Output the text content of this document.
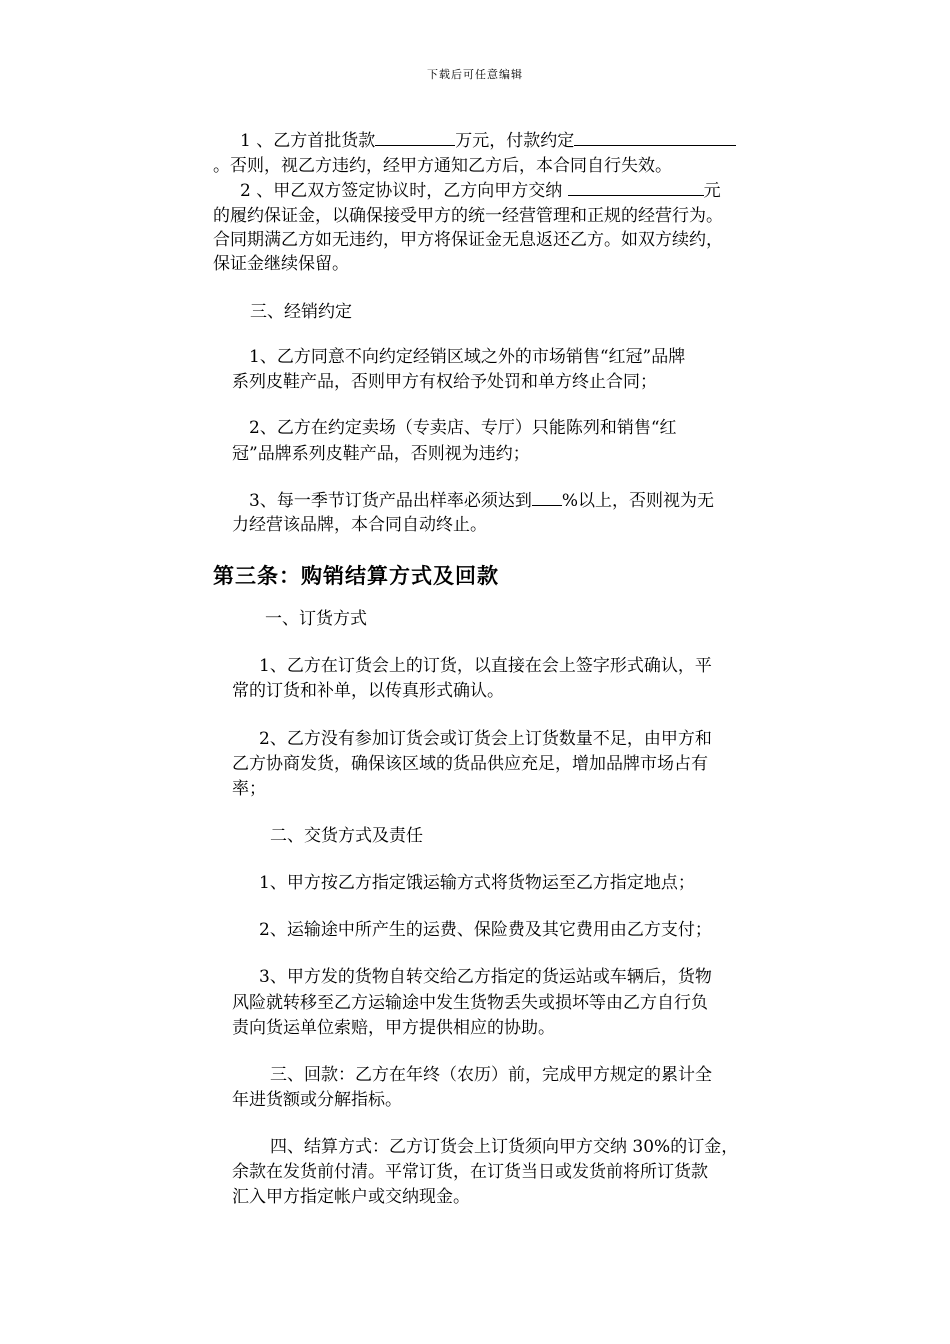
下载后可任意编辑
1 、乙方首批货款	万元，付款约定
。否则，视乙方违约，经甲方通知乙方后，本合同自行失效。
2 、甲乙双方签定协议时，乙方向甲方交纳	元
的履约保证金，以确保接受甲方的统一经营管理和正规的经营行为。
合同期满乙方如无违约，甲方将保证金无息返还乙方。如双方续约，
保证金继续保留。
三、经销约定
1、乙方同意不向约定经销区域之外的市场销售“红冠”品牌
系列皮鞋产品，否则甲方有权给予处罚和单方终止合同；
2、乙方在约定卖场（专卖店、专厅）只能陈列和销售“红
冠”品牌系列皮鞋产品，否则视为违约；
3、每一季节订货产品出样率必须达到 %以上，否则视为无
力经营该品牌，本合同自动终止。
第三条：购销结算方式及回款
一、订货方式
1、乙方在订货会上的订货，以直接在会上签字形式确认，平
常的订货和补单，以传真形式确认。
2、乙方没有参加订货会或订货会上订货数量不足，由甲方和
乙方协商发货，确保该区域的货品供应充足，增加品牌市场占有
率；
二、交货方式及责任
1、甲方按乙方指定饿运输方式将货物运至乙方指定地点；
2、运输途中所产生的运费、保险费及其它费用由乙方支付；
3、甲方发的货物自转交给乙方指定的货运站或车辆后，货物
风险就转移至乙方运输途中发生货物丢失或损坏等由乙方自行负
责向货运单位索赔，甲方提供相应的协助。
三、回款：乙方在年终（农历）前，完成甲方规定的累计全
年进货额或分解指标。
四、结算方式：乙方订货会上订货须向甲方交纳 30%的订金，
余款在发货前付清。平常订货，在订货当日或发货前将所订货款
汇入甲方指定帐户或交纳现金。
